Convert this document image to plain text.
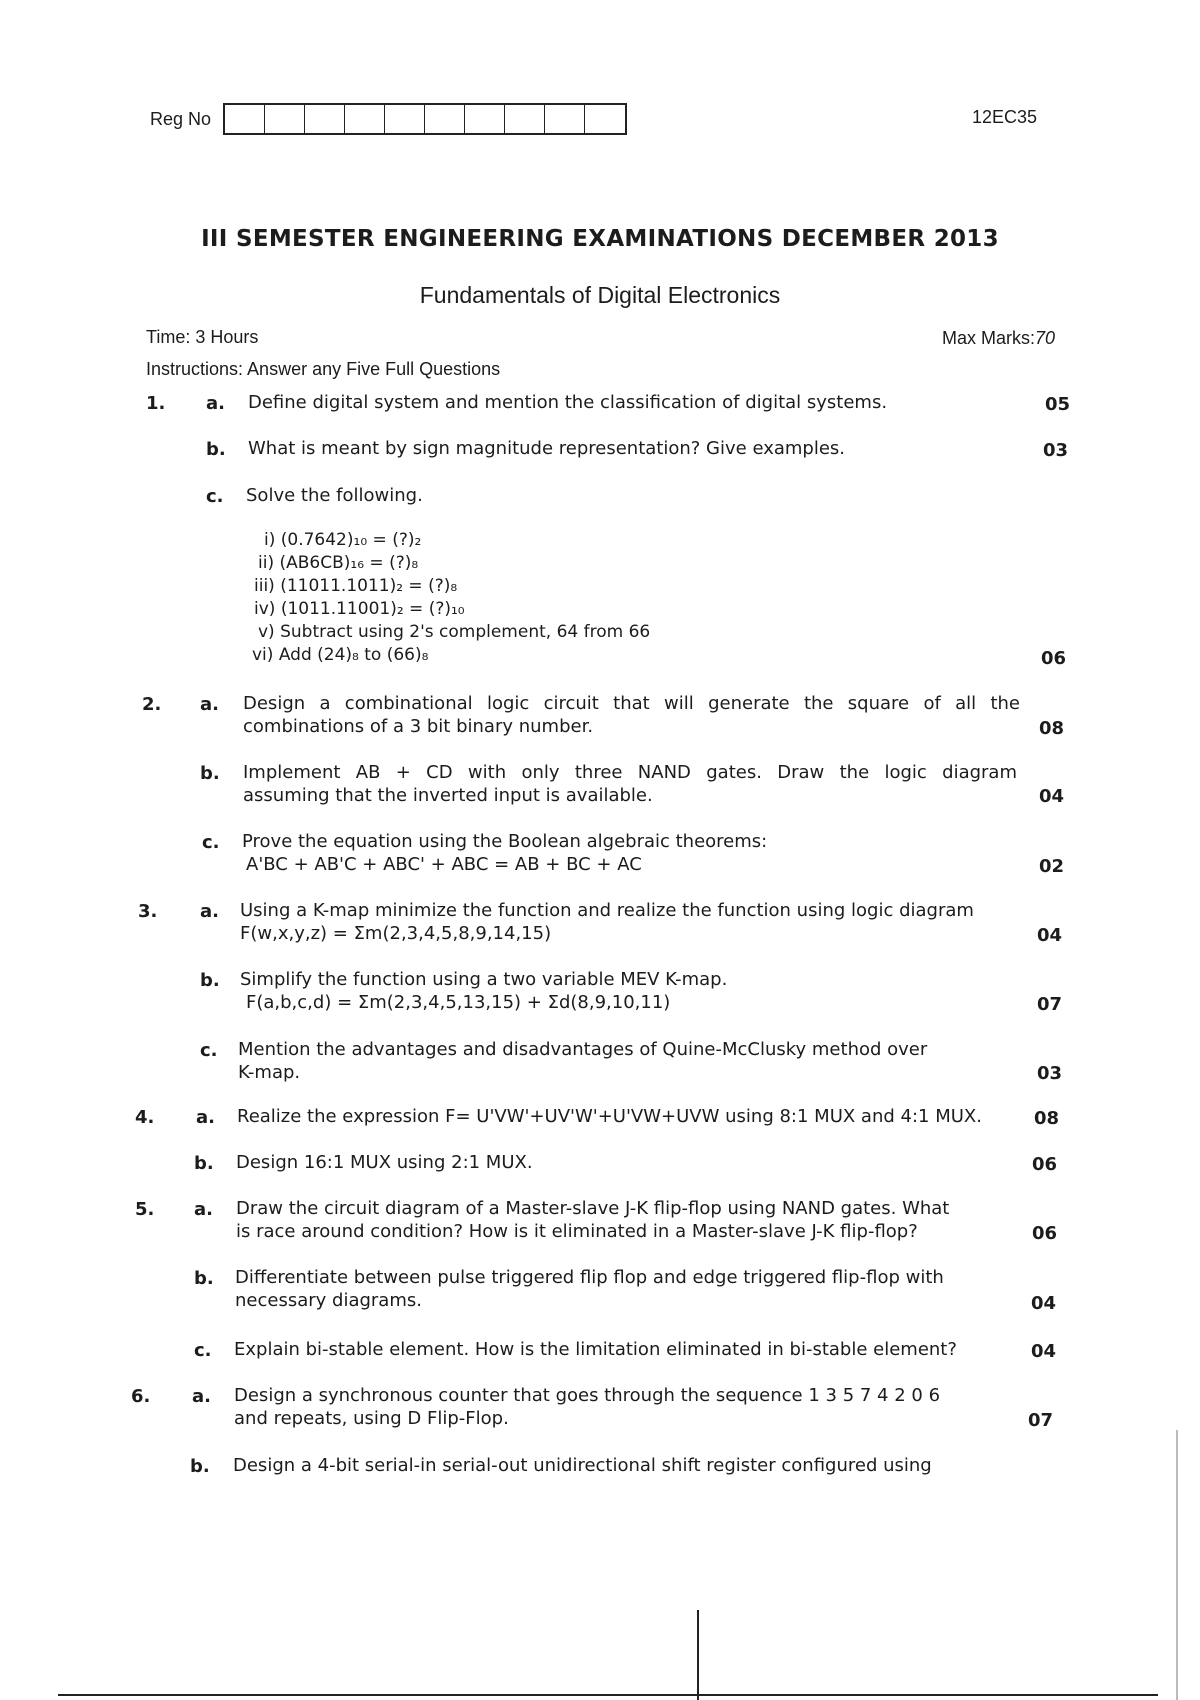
Reg No	12EC35
III SEMESTER ENGINEERING EXAMINATIONS DECEMBER 2013
Fundamentals of Digital Electronics
Time: 3 Hours	Max Marks:70
Instructions: Answer any Five Full Questions
1. a. Define digital system and mention the classification of digital systems.	05
b. What is meant by sign magnitude representation? Give examples.	03
c. Solve the following.
i) (0.7642)₁₀ = (?)₂
ii) (AB6CB)₁₆ = (?)₈
iii) (11011.1011)₂ = (?)₈
iv) (1011.11001)₂ = (?)₁₀
v) Subtract using 2's complement, 64 from 66
vi) Add (24)₈ to (66)₈	06
2. a. Design a combinational logic circuit that will generate the square of all the
combinations of a 3 bit binary number.	08
b. Implement AB + CD with only three NAND gates. Draw the logic diagram
assuming that the inverted input is available.	04
c. Prove the equation using the Boolean algebraic theorems:
A'BC + AB'C + ABC' + ABC = AB + BC + AC	02
3. a. Using a K-map minimize the function and realize the function using logic diagram
F(w,x,y,z) = Σm(2,3,4,5,8,9,14,15)	04
b. Simplify the function using a two variable MEV K-map.
F(a,b,c,d) = Σm(2,3,4,5,13,15) + Σd(8,9,10,11)	07
c. Mention the advantages and disadvantages of Quine-McClusky method over
K-map.	03
4. a. Realize the expression F= U'VW'+UV'W'+U'VW+UVW using 8:1 MUX and 4:1 MUX.	08
b. Design 16:1 MUX using 2:1 MUX.	06
5. a. Draw the circuit diagram of a Master-slave J-K flip-flop using NAND gates. What
is race around condition? How is it eliminated in a Master-slave J-K flip-flop?	06
b. Differentiate between pulse triggered flip flop and edge triggered flip-flop with
necessary diagrams.	04
c. Explain bi-stable element. How is the limitation eliminated in bi-stable element?	04
6. a. Design a synchronous counter that goes through the sequence 1 3 5 7 4 2 0 6
and repeats, using D Flip-Flop.	07
b. Design a 4-bit serial-in serial-out unidirectional shift register configured using
